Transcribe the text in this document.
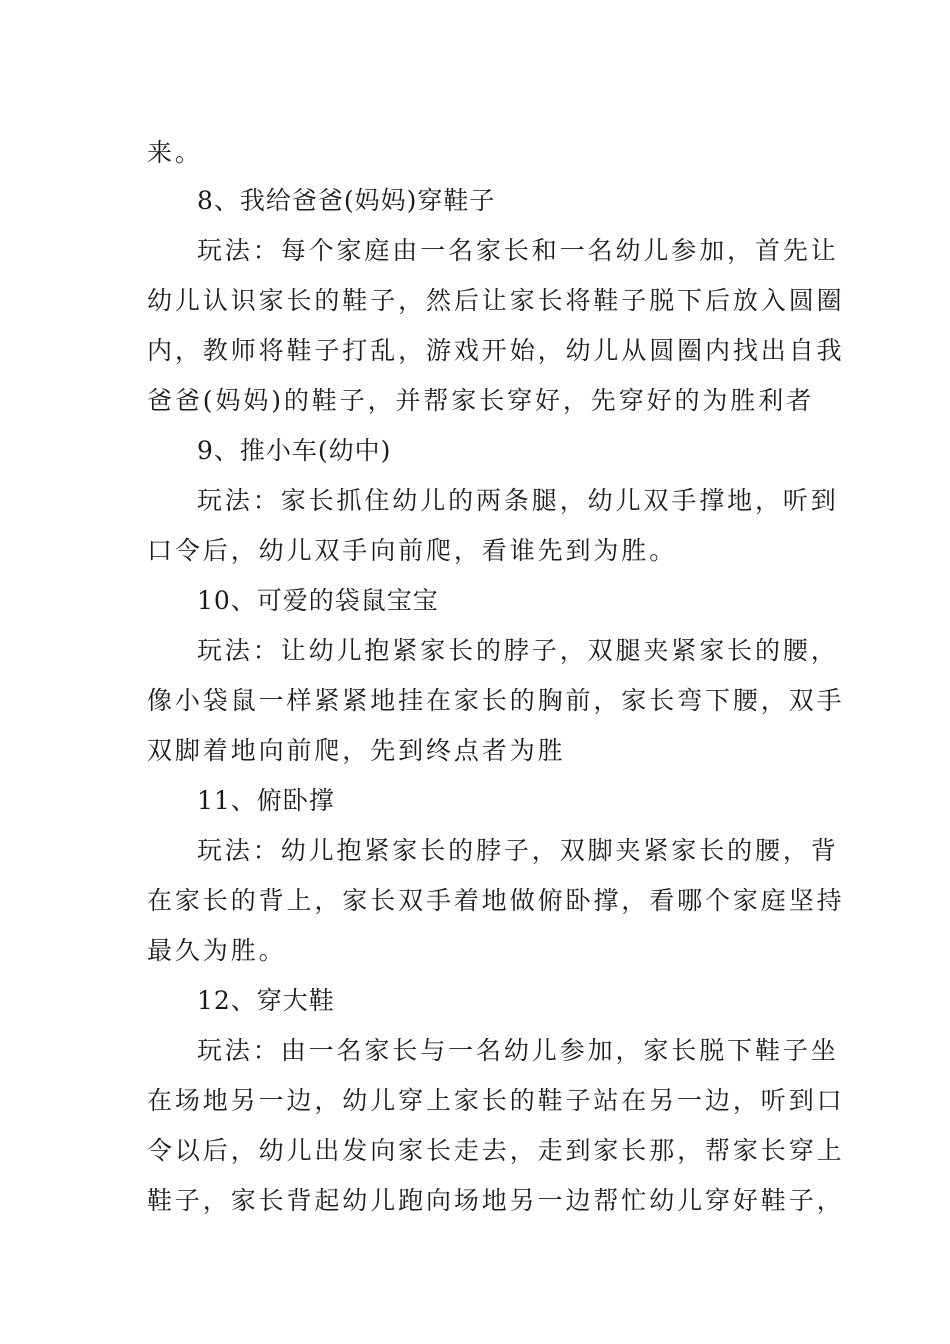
来。
8、我给爸爸(妈妈)穿鞋子
玩法：每个家庭由一名家长和一名幼儿参加，首先让
幼儿认识家长的鞋子，然后让家长将鞋子脱下后放入圆圈
内，教师将鞋子打乱，游戏开始，幼儿从圆圈内找出自我
爸爸(妈妈)的鞋子，并帮家长穿好，先穿好的为胜利者
9、推小车(幼中)
玩法：家长抓住幼儿的两条腿，幼儿双手撑地，听到
口令后，幼儿双手向前爬，看谁先到为胜。
10、可爱的袋鼠宝宝
玩法：让幼儿抱紧家长的脖子，双腿夹紧家长的腰，
像小袋鼠一样紧紧地挂在家长的胸前，家长弯下腰，双手
双脚着地向前爬，先到终点者为胜
11、俯卧撑
玩法：幼儿抱紧家长的脖子，双脚夹紧家长的腰，背
在家长的背上，家长双手着地做俯卧撑，看哪个家庭坚持
最久为胜。
12、穿大鞋
玩法：由一名家长与一名幼儿参加，家长脱下鞋子坐
在场地另一边，幼儿穿上家长的鞋子站在另一边，听到口
令以后，幼儿出发向家长走去，走到家长那，帮家长穿上
鞋子，家长背起幼儿跑向场地另一边帮忙幼儿穿好鞋子，
